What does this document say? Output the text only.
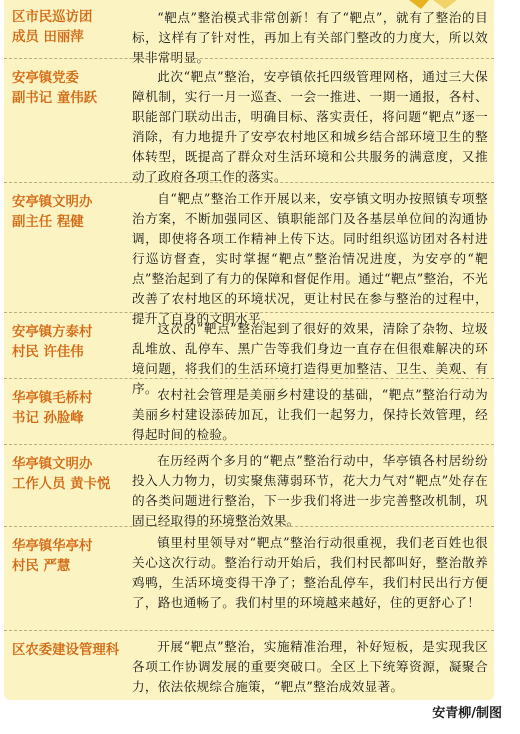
区市民巡访团
成员 田丽萍

“靶点”整治模式非常创新！有了“靶点”，就有了整治的目标，这样有了针对性，再加上有关部门整改的力度大，所以效果非常明显。

安亭镇党委
副书记 童伟跃

此次“靶点”整治，安亭镇依托四级管理网格，通过三大保障机制，实行一月一巡查、一会一推进、一期一通报，各村、职能部门联动出击，明确目标、落实责任，将问题“靶点”逐一消除，有力地提升了安亭农村地区和城乡结合部环境卫生的整体转型，既提高了群众对生活环境和公共服务的满意度，又推动了政府各项工作的落实。

安亭镇文明办
副主任 程健

自“靶点”整治工作开展以来，安亭镇文明办按照镇专项整治方案，不断加强同区、镇职能部门及各基层单位间的沟通协调，即使将各项工作精神上传下达。同时组织巡访团对各村进行巡访督查，实时掌握“靶点”整治情况进度，为安亭的“靶点”整治起到了有力的保障和督促作用。通过“靶点”整治，不光改善了农村地区的环境状况，更让村民在参与整治的过程中，提升了自身的文明水平。

安亭镇方泰村
村民 许佳伟

这次的“靶点”整治起到了很好的效果，清除了杂物、垃圾乱堆放、乱停车、黑广告等我们身边一直存在但很难解决的环境问题，将我们的生活环境打造得更加整洁、卫生、美观、有序。

华亭镇毛桥村
书记 孙脸峰

农村社会管理是美丽乡村建设的基础，“靶点”整治行动为美丽乡村建设添砖加瓦，让我们一起努力，保持长效管理，经得起时间的检验。

华亭镇文明办
工作人员 黄卡悦

在历经两个多月的“靶点”整治行动中，华亭镇各村居纷纷投入人力物力，切实聚焦薄弱环节，花大力气对“靶点”处存在的各类问题进行整治，下一步我们将进一步完善整改机制，巩固已经取得的环境整治效果。

华亭镇华亭村
村民 严慧

镇里村里领导对“靶点”整治行动很重视，我们老百姓也很关心这次行动。整治行动开始后，我们村民都叫好，整治散养鸡鸭，生活环境变得干净了；整治乱停车，我们村民出行方便了，路也通畅了。我们村里的环境越来越好，住的更舒心了！

区农委建设管理科	开展“靶点”整治，实施精准治理，补好短板，是实现我区各项工作协调发展的重要突破口。全区上下统筹资源，凝聚合力，依法依规综合施策，“靶点”整治成效显著。

安青柳/制图
